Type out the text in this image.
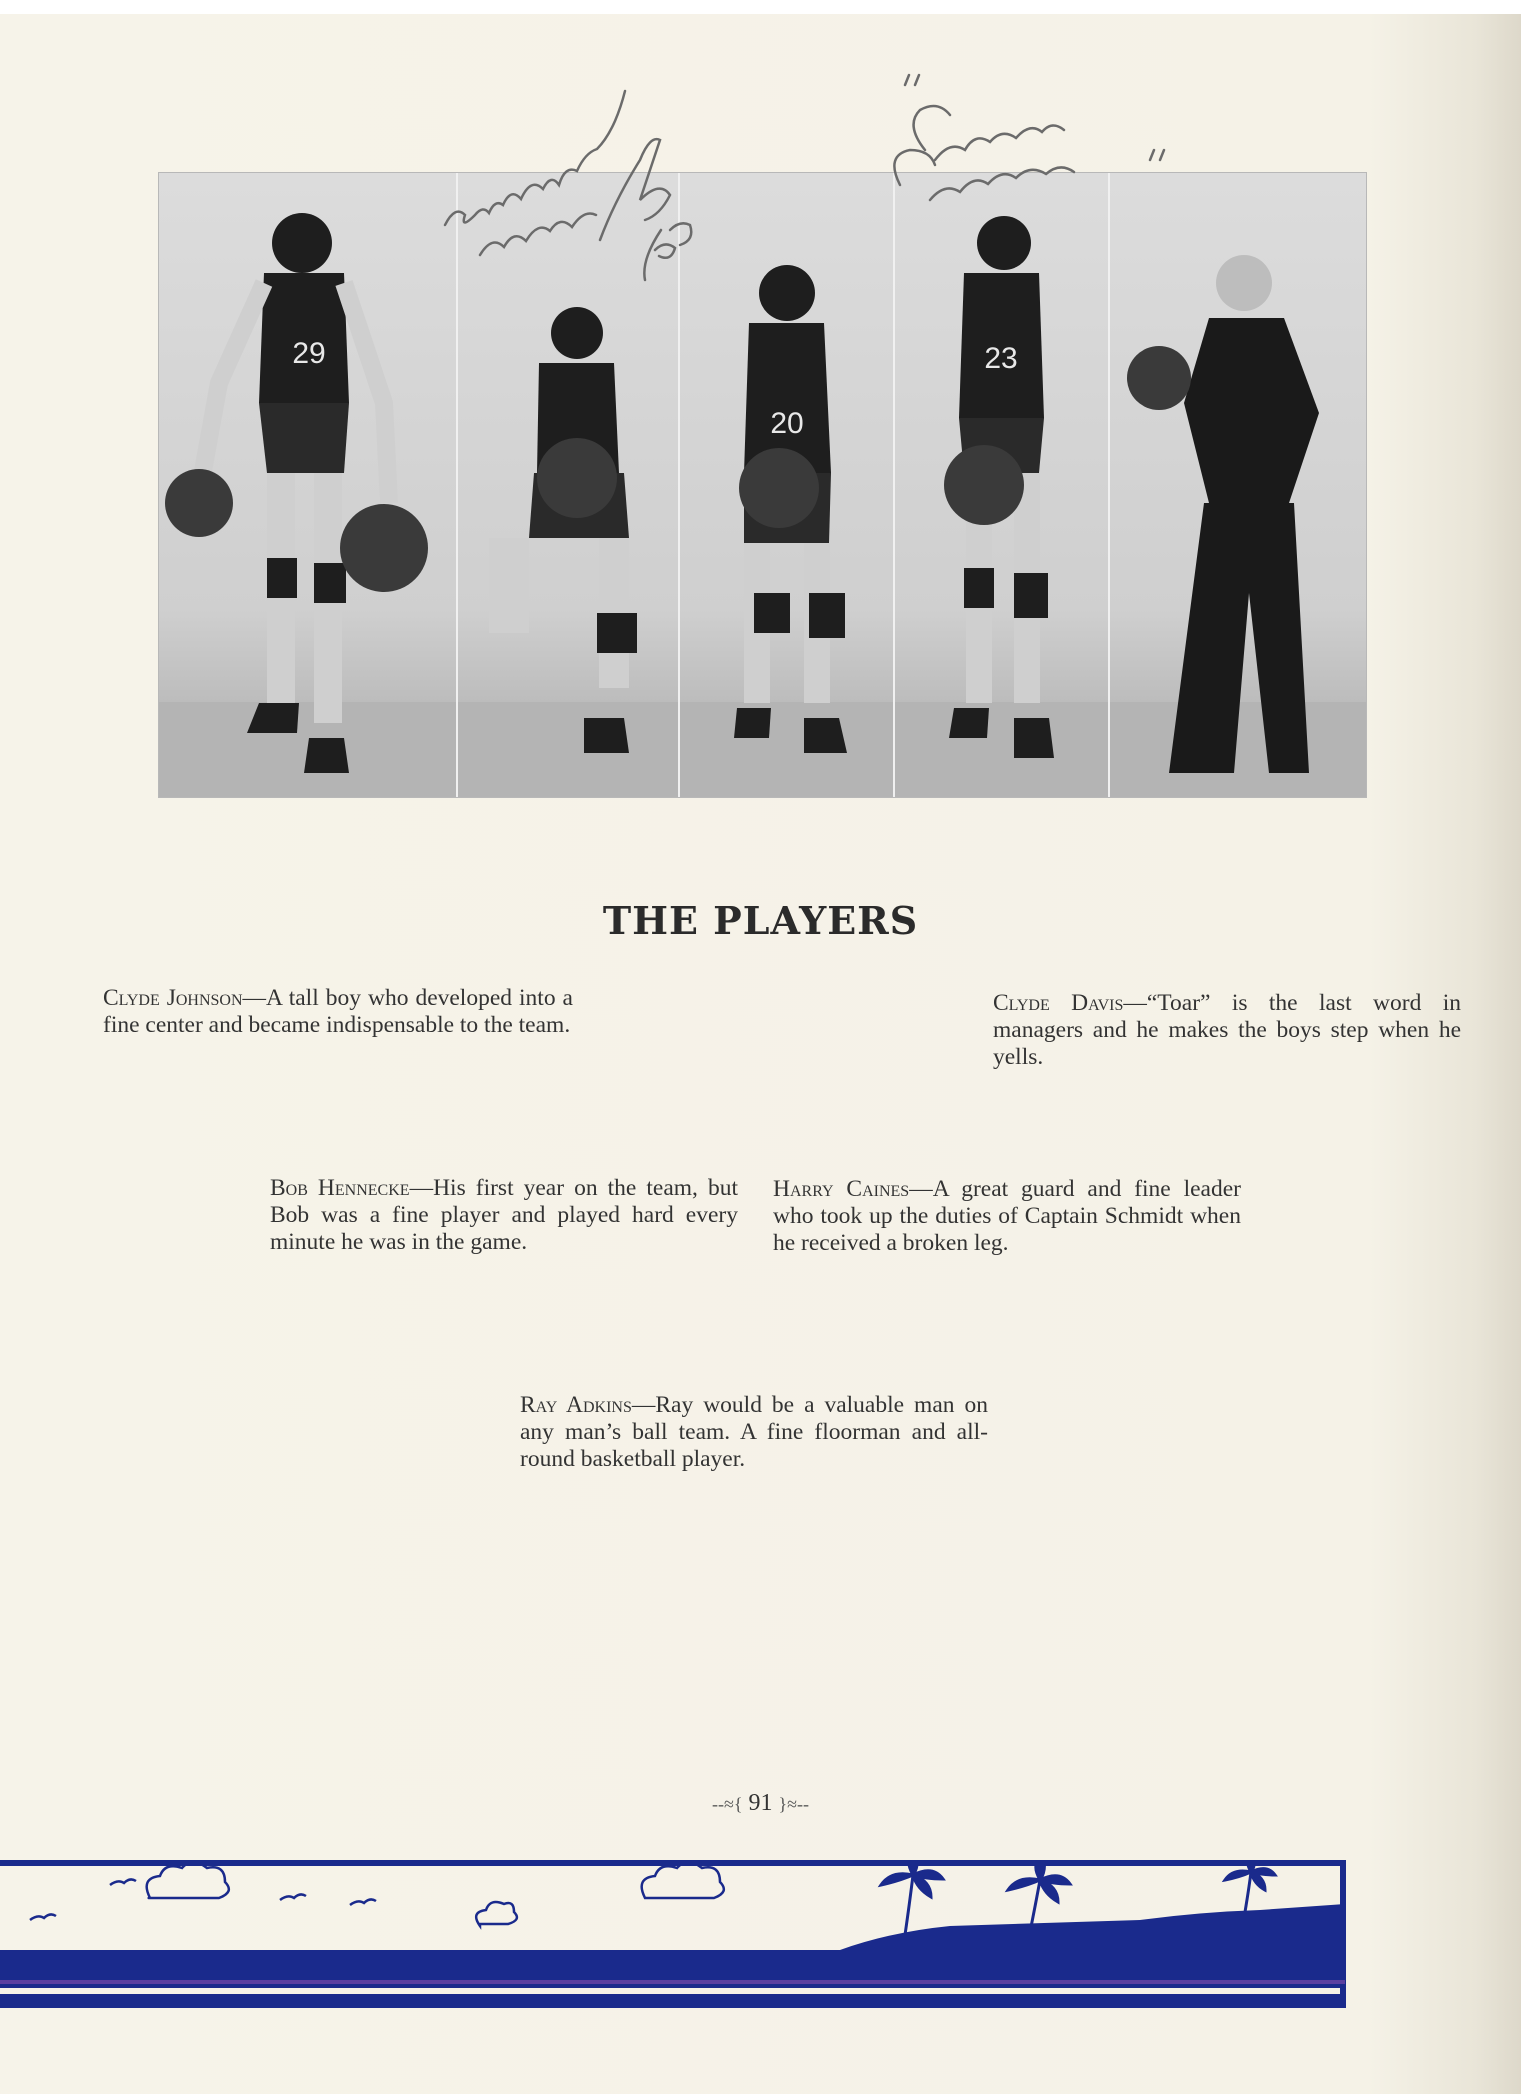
29
20
23
THE PLAYERS
Clyde Johnson—A tall boy who developed into a fine center and became indispensable to the team.
Clyde Davis—“Toar” is the last word in managers and he makes the boys step when he yells.
Bob Hennecke—His first year on the team, but Bob was a fine player and played hard every minute he was in the game.
Harry Caines—A great guard and fine leader who took up the duties of Captain Schmidt when he received a broken leg.
Ray Adkins—Ray would be a valuable man on any man’s ball team. A fine floorman and all-round basketball player.
--≈{ 91 }≈--
